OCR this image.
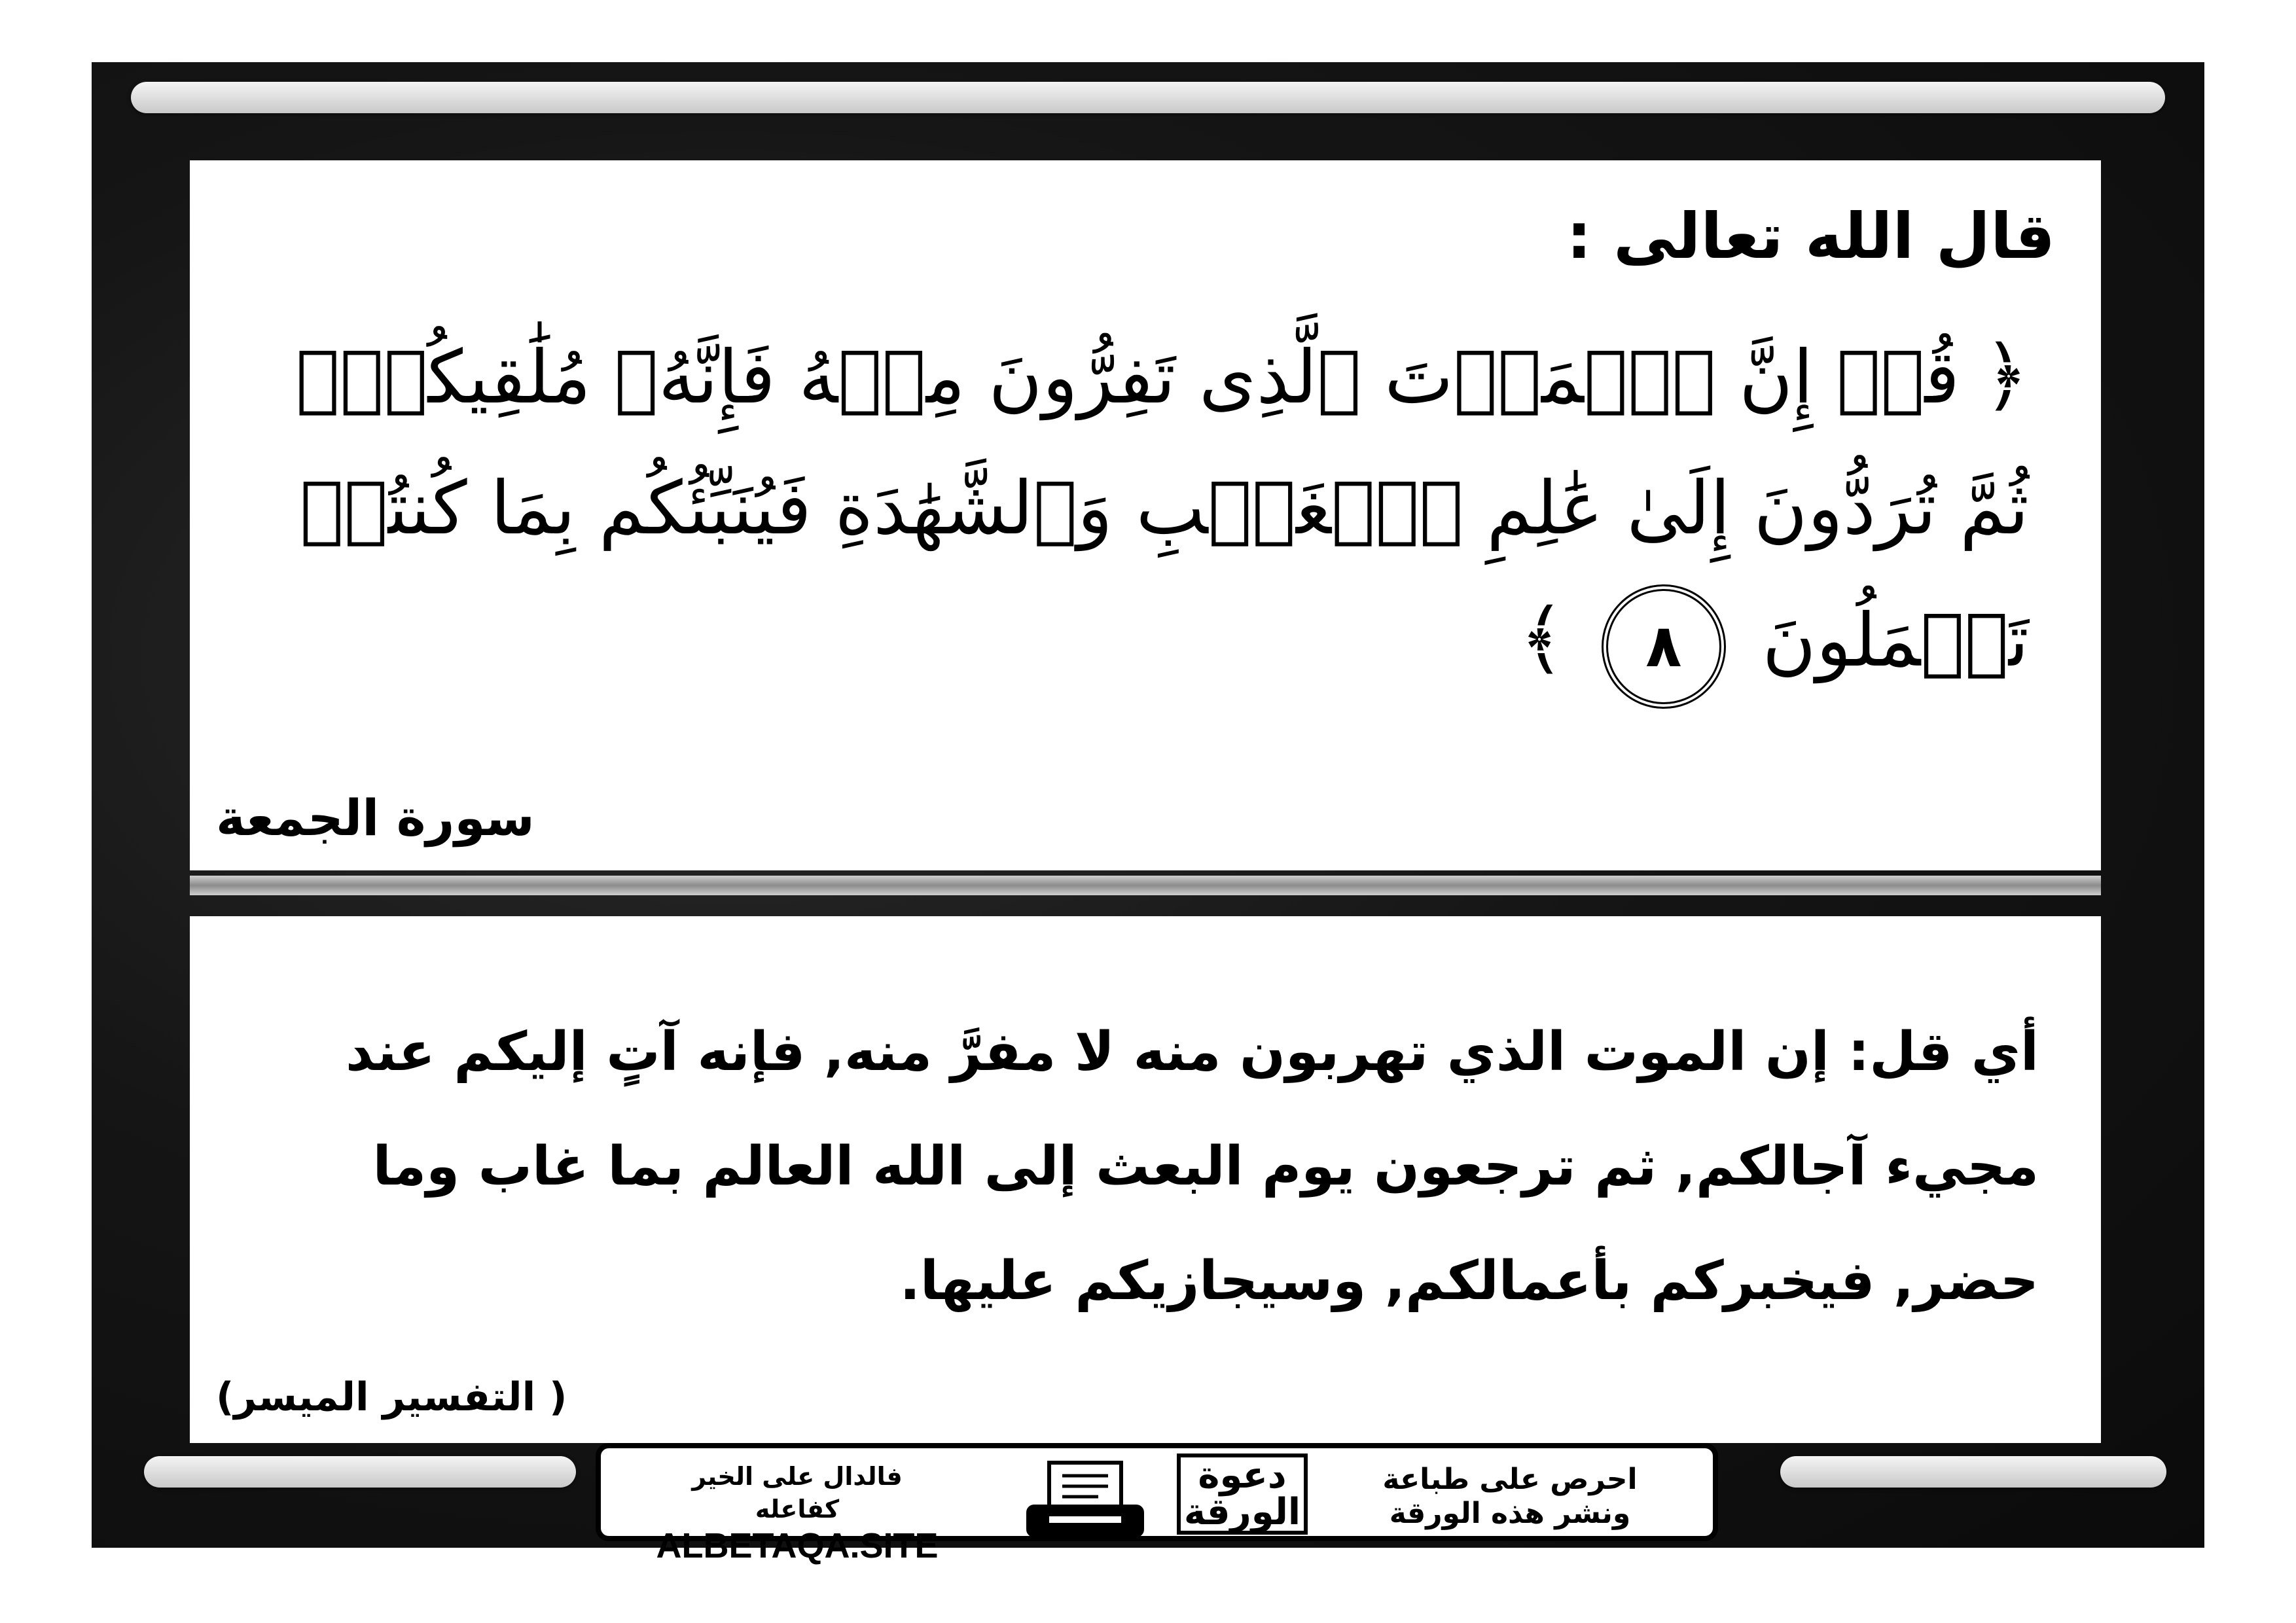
قال الله تعالى :
﴿ قُلۡ إِنَّ ٱلۡمَوۡتَ ٱلَّذِى تَفِرُّونَ مِنۡهُ فَإِنَّهُۥ مُلَٰقِيكُمۡۖ ثُمَّ تُرَدُّونَ إِلَىٰ عَٰلِمِ ٱلۡغَيۡبِ وَٱلشَّهَٰدَةِ فَيُنَبِّئُكُم بِمَا كُنتُمۡ تَعۡمَلُونَ ٨ ﴾
سورة الجمعة
أي قل: إن الموت الذي تهربون منه لا مفرَّ منه, فإنه آتٍ إليكم عند مجيء آجالكم, ثم ترجعون يوم البعث إلى الله العالم بما غاب وما حضر, فيخبركم بأعمالكم, وسيجازيكم عليها.
( التفسير الميسر)
احرص على طباعة
ونشر هذه الورقة
دعوة الورقة
فالدال على الخير كفاعله
ALBETAQA.SITE
